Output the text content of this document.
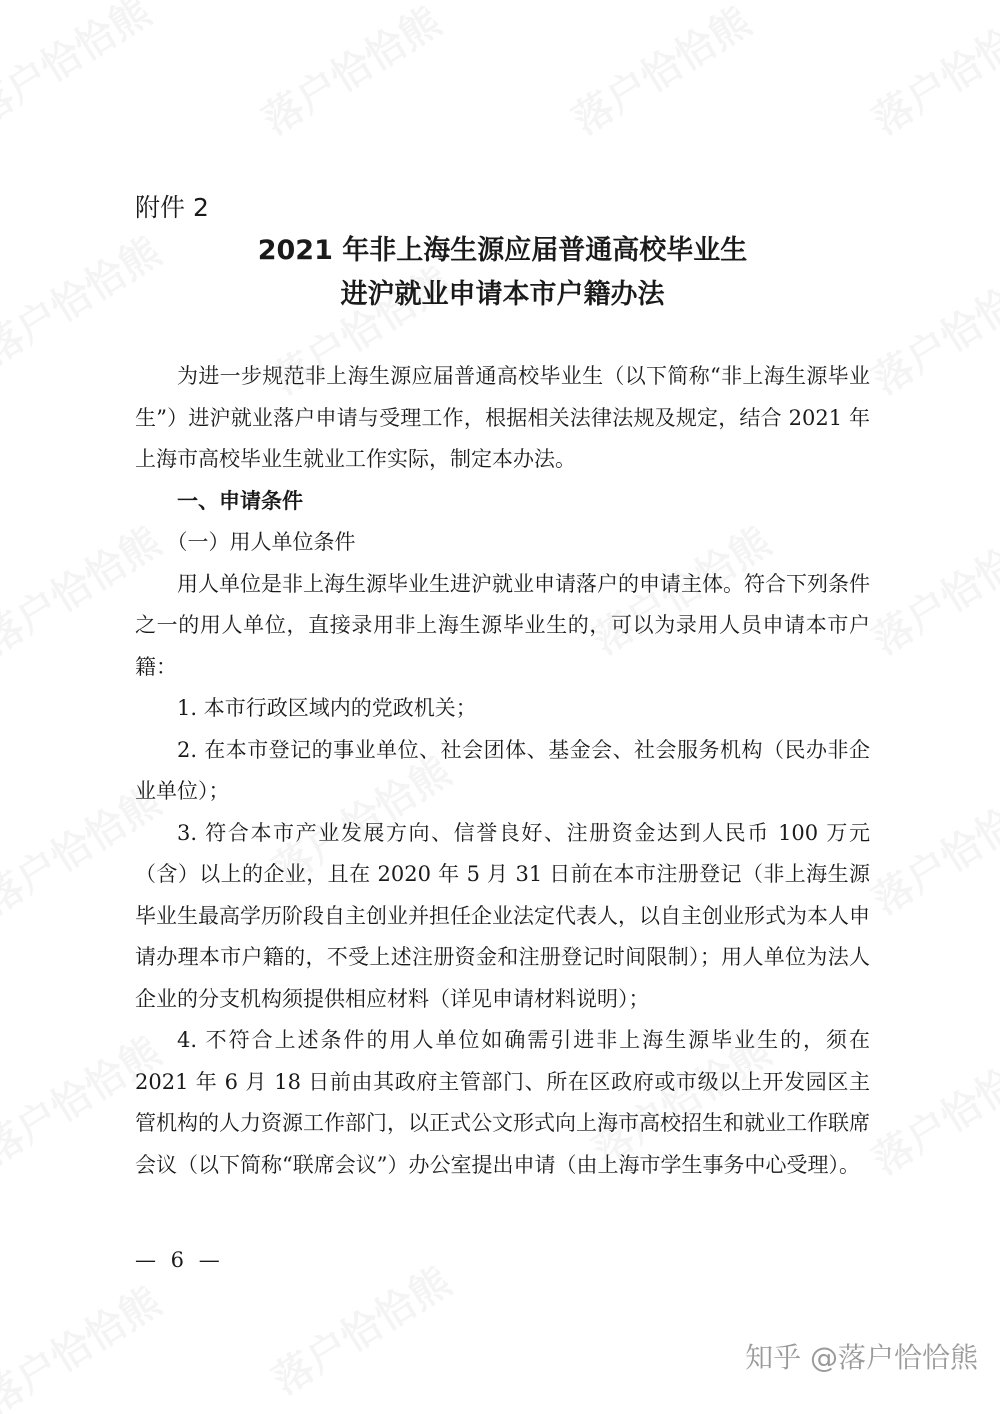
附件 2
2021 年非上海生源应届普通高校毕业生
进沪就业申请本市户籍办法

为进一步规范非上海生源应届普通高校毕业生（以下简称“非上海生源毕业生”）进沪就业落户申请与受理工作，根据相关法律法规及规定，结合 2021 年上海市高校毕业生就业工作实际，制定本办法。

一、申请条件

（一）用人单位条件

用人单位是非上海生源毕业生进沪就业申请落户的申请主体。符合下列条件之一的用人单位，直接录用非上海生源毕业生的，可以为录用人员申请本市户籍：

1. 本市行政区域内的党政机关；

2. 在本市登记的事业单位、社会团体、基金会、社会服务机构（民办非企业单位）；

3. 符合本市产业发展方向、信誉良好、注册资金达到人民币 100 万元（含）以上的企业，且在 2020 年 5 月 31 日前在本市注册登记（非上海生源毕业生最高学历阶段自主创业并担任企业法定代表人，以自主创业形式为本人申请办理本市户籍的，不受上述注册资金和注册登记时间限制）；用人单位为法人企业的分支机构须提供相应材料（详见申请材料说明）；

4. 不符合上述条件的用人单位如确需引进非上海生源毕业生的，须在 2021 年 6 月 18 日前由其政府主管部门、所在区政府或市级以上开发园区主管机构的人力资源工作部门，以正式公文形式向上海市高校招生和就业工作联席会议（以下简称“联席会议”）办公室提出申请（由上海市学生事务中心受理）。

— 6 —
知乎 @落户恰恰熊
